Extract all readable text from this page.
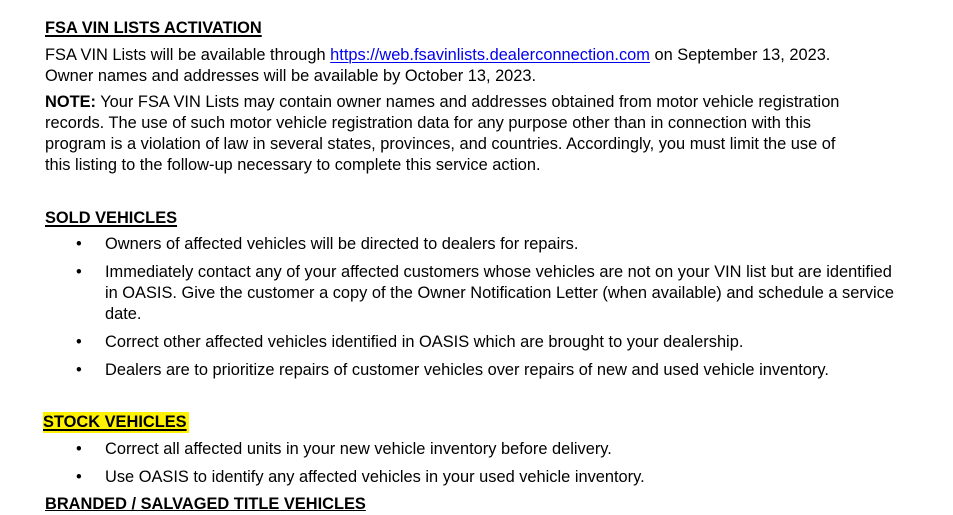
FSA VIN LISTS ACTIVATION

FSA VIN Lists will be available through https://web.fsavinlists.dealerconnection.com on September 13, 2023. Owner names and addresses will be available by October 13, 2023.

NOTE: Your FSA VIN Lists may contain owner names and addresses obtained from motor vehicle registration records. The use of such motor vehicle registration data for any purpose other than in connection with this program is a violation of law in several states, provinces, and countries. Accordingly, you must limit the use of this listing to the follow-up necessary to complete this service action.

SOLD VEHICLES
• Owners of affected vehicles will be directed to dealers for repairs.
• Immediately contact any of your affected customers whose vehicles are not on your VIN list but are identified in OASIS. Give the customer a copy of the Owner Notification Letter (when available) and schedule a service date.
• Correct other affected vehicles identified in OASIS which are brought to your dealership.
• Dealers are to prioritize repairs of customer vehicles over repairs of new and used vehicle inventory.
STOCK VEHICLES
• Correct all affected units in your new vehicle inventory before delivery.
• Use OASIS to identify any affected vehicles in your used vehicle inventory.
BRANDED / SALVAGED TITLE VEHICLES
